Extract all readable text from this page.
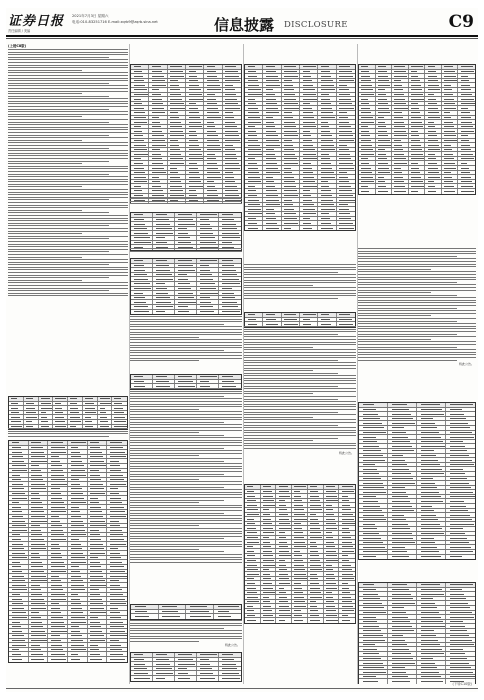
证券日报 2021年7月3日 星期六
电话:010-83251716 E-mail:zqrb9@zqrb.sina.net
责任编辑 / 美编	信息披露 DISCLOSURE	C9
(上接C8版)
特此公告。
特此公告。
特此公告。
(下转C10版)
